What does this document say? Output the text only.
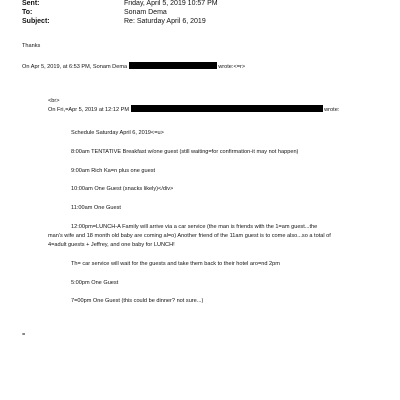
Sent:	Friday, April 5, 2019 10:57 PM
To:	Sonam Dema
Subject:	Re: Saturday April 6, 2019
Thanks
On Apr 5, 2019, at 6:53 PM, Sonam Dema	wrote:<=r>
<br>
On Fri,=Apr 5, 2019 at 12:12 PM	wrote:
Schedule Saturday April 6, 2019<=u>
8:00am TENTATIVE Breakfast w/one guest (still waiting=for confirmation-it may not happen)
9:00am Rich Ka=n plus one guest
10:00am One Guest (snacks likely)</div>
11:00am One Guest
12:00pm=LUNCH-A Family will arrive via a car service (the man is friends with the 1=am guest...the
man's wife and 18 month old baby are coming al=o) Another friend of the 11am guest is to come also...so a total of
4=adult guests + Jeffrey, and one baby for LUNCH!
Th= car service will wait for the guests and take them back to their hotel aro=nd 2pm
5:00pm One Guest
7=00pm One Guest (this could be dinner? not sure...)
=
